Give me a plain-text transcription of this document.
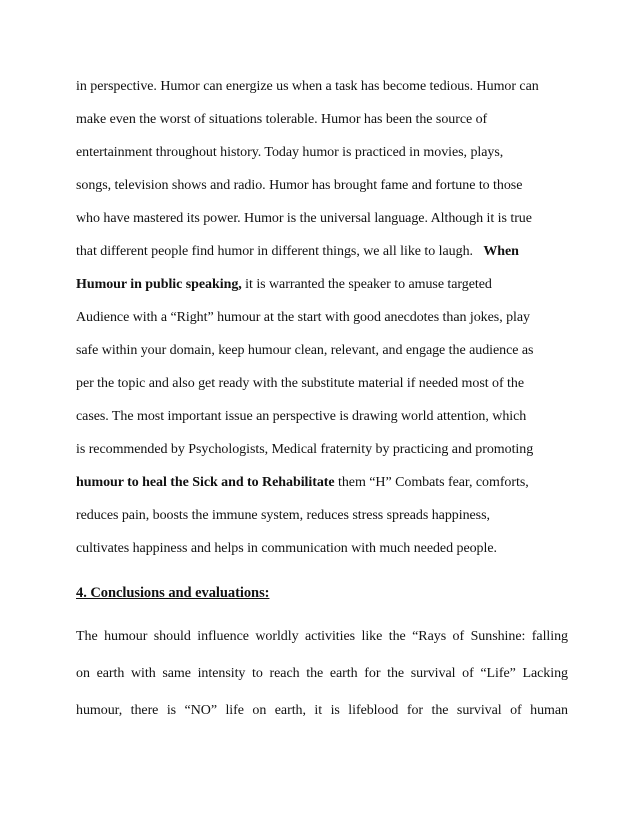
in perspective. Humor can energize us when a task has become tedious. Humor can
make even the worst of situations tolerable. Humor has been the source of
entertainment throughout history. Today humor is practiced in movies, plays,
songs, television shows and radio. Humor has brought fame and fortune to those
who have mastered its power. Humor is the universal language. Although it is true
that different people find humor in different things, we all like to laugh. When
Humour in public speaking, it is warranted the speaker to amuse targeted
Audience with a “Right” humour at the start with good anecdotes than jokes, play
safe within your domain, keep humour clean, relevant, and engage the audience as
per the topic and also get ready with the substitute material if needed most of the
cases. The most important issue an perspective is drawing world attention, which
is recommended by Psychologists, Medical fraternity by practicing and promoting
humour to heal the Sick and to Rehabilitate them “H” Combats fear, comforts,
reduces pain, boosts the immune system, reduces stress spreads happiness,
cultivates happiness and helps in communication with much needed people.
4. Conclusions and evaluations:
The humour should influence worldly activities like the “Rays of Sunshine: falling
on earth with same intensity to reach the earth for the survival of “Life” Lacking
humour, there is “NO” life on earth, it is lifeblood for the survival of human
